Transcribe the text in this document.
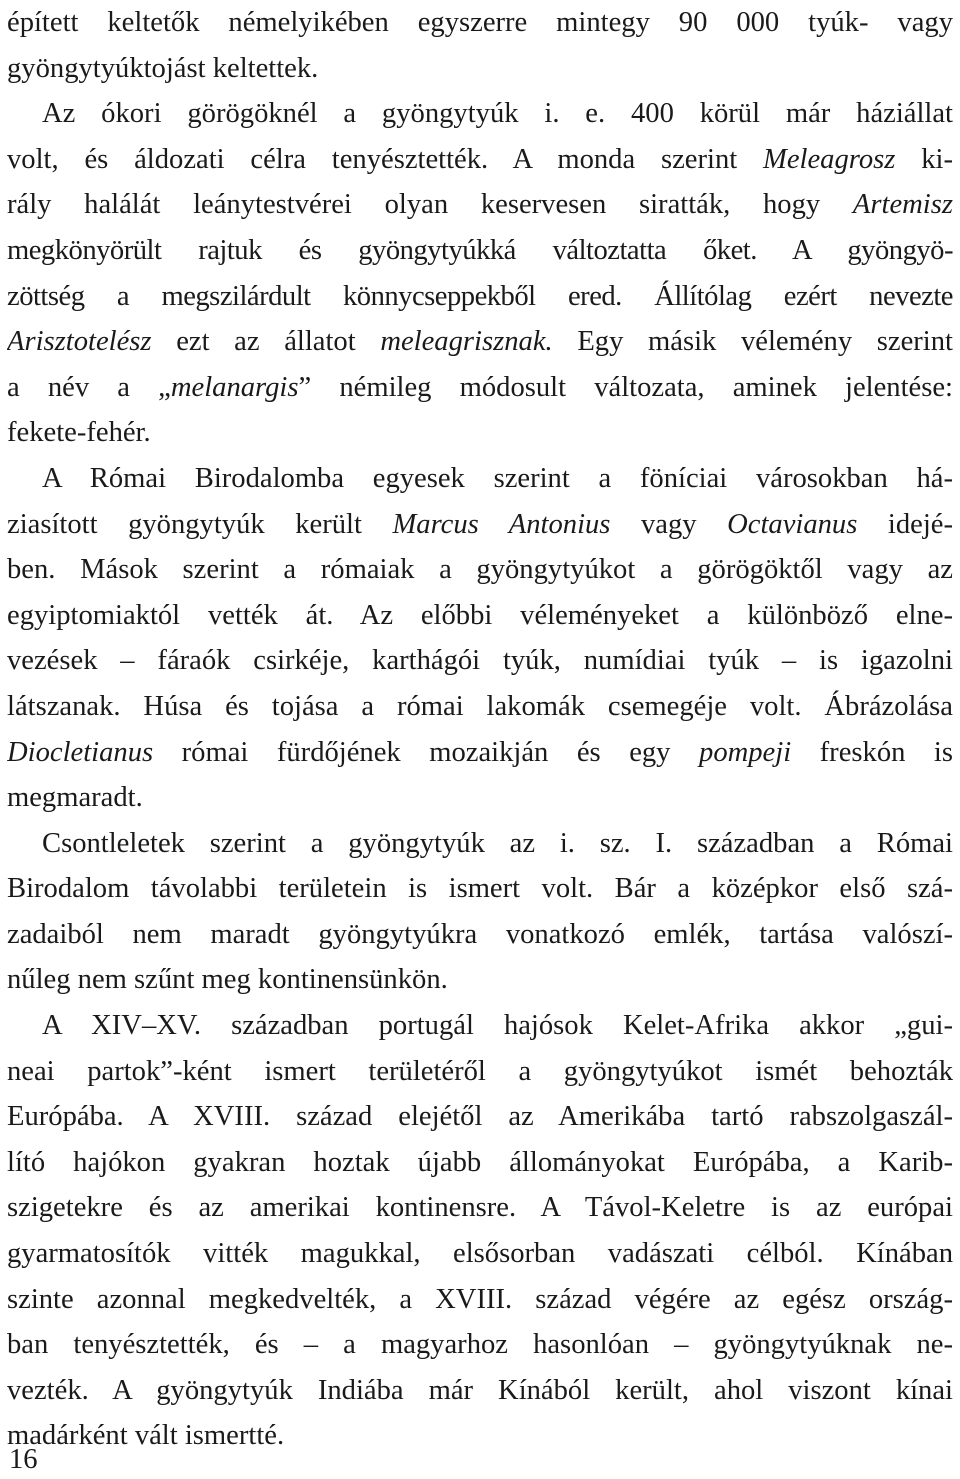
épített keltetők némelyikében egyszerre mintegy 90 000 tyúk- vagy
gyöngytyúktojást keltettek.
Az ókori görögöknél a gyöngytyúk i. e. 400 körül már háziállat
volt, és áldozati célra tenyésztették. A monda szerint Meleagrosz ki-
rály halálát leánytestvérei olyan keservesen siratták, hogy Artemisz
megkönyörült rajtuk és gyöngytyúkká változtatta őket. A gyöngyö-
zöttség a megszilárdult könnycseppekből ered. Állítólag ezért nevezte
Arisztotelész ezt az állatot meleagrisznak. Egy másik vélemény szerint
a név a „melanargis” némileg módosult változata, aminek jelentése:
fekete-fehér.
A Római Birodalomba egyesek szerint a föníciai városokban há-
ziasított gyöngytyúk került Marcus Antonius vagy Octavianus idejé-
ben. Mások szerint a rómaiak a gyöngytyúkot a görögöktől vagy az
egyiptomiaktól vették át. Az előbbi véleményeket a különböző elne-
vezések – fáraók csirkéje, karthágói tyúk, numídiai tyúk – is igazolni
látszanak. Húsa és tojása a római lakomák csemegéje volt. Ábrázolása
Diocletianus római fürdőjének mozaikján és egy pompeji freskón is
megmaradt.
Csontleletek szerint a gyöngytyúk az i. sz. I. században a Római
Birodalom távolabbi területein is ismert volt. Bár a középkor első szá-
zadaiból nem maradt gyöngytyúkra vonatkozó emlék, tartása valószí-
nűleg nem szűnt meg kontinensünkön.
A XIV–XV. században portugál hajósok Kelet-Afrika akkor „gui-
neai partok”-ként ismert területéről a gyöngytyúkot ismét behozták
Európába. A XVIII. század elejétől az Amerikába tartó rabszolgaszál-
lító hajókon gyakran hoztak újabb állományokat Európába, a Karib-
szigetekre és az amerikai kontinensre. A Távol-Keletre is az európai
gyarmatosítók vitték magukkal, elsősorban vadászati célból. Kínában
szinte azonnal megkedvelték, a XVIII. század végére az egész ország-
ban tenyésztették, és – a magyarhoz hasonlóan – gyöngytyúknak ne-
vezték. A gyöngytyúk Indiába már Kínából került, ahol viszont kínai
madárként vált ismertté.
16
